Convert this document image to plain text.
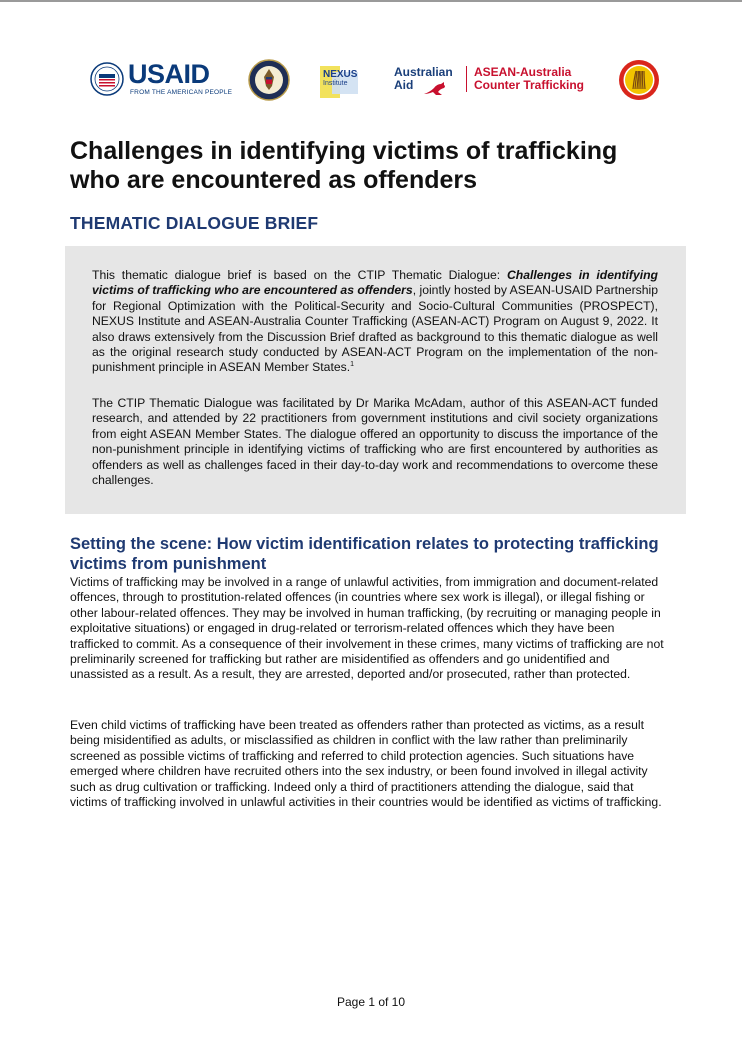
USAID
FROM THE AMERICAN PEOPLE
NEXUS
Institute
Australian
Aid
ASEAN-Australia
Counter Trafficking
Challenges in identifying victims of trafficking
who are encountered as offenders
THEMATIC DIALOGUE BRIEF

This thematic dialogue brief is based on the CTIP Thematic Dialogue: Challenges in identifying victims of trafficking who are encountered as offenders, jointly hosted by ASEAN-USAID Partnership for Regional Optimization with the Political-Security and Socio-Cultural Communities (PROSPECT), NEXUS Institute and ASEAN-Australia Counter Trafficking (ASEAN-ACT) Program on August 9, 2022. It also draws extensively from the Discussion Brief drafted as background to this thematic dialogue as well as the original research study conducted by ASEAN-ACT Program on the implementation of the non-punishment principle in ASEAN Member States.$^1$

The CTIP Thematic Dialogue was facilitated by Dr Marika McAdam, author of this ASEAN-ACT funded research, and attended by 22 practitioners from government institutions and civil society organizations from eight ASEAN Member States. The dialogue offered an opportunity to discuss the importance of the non-punishment principle in identifying victims of trafficking who are first encountered by authorities as offenders as well as challenges faced in their day-to-day work and recommendations to overcome these challenges.

Setting the scene: How victim identification relates to protecting trafficking victims from punishment

Victims of trafficking may be involved in a range of unlawful activities, from immigration and document-related offences, through to prostitution-related offences (in countries where sex work is illegal), or illegal fishing or other labour-related offences. They may be involved in human trafficking, (by recruiting or managing people in exploitative situations) or engaged in drug-related or terrorism-related offences which they have been trafficked to commit. As a consequence of their involvement in these crimes, many victims of trafficking are not preliminarily screened for trafficking but rather are misidentified as offenders and go unidentified and unassisted as a result. As a result, they are arrested, deported and/or prosecuted, rather than protected.

Even child victims of trafficking have been treated as offenders rather than protected as victims, as a result being misidentified as adults, or misclassified as children in conflict with the law rather than preliminarily screened as possible victims of trafficking and referred to child protection agencies. Such situations have emerged where children have recruited others into the sex industry, or been found involved in illegal activity such as drug cultivation or trafficking. Indeed only a third of practitioners attending the dialogue, said that victims of trafficking involved in unlawful activities in their countries would be identified as victims of trafficking.

Page 1 of 10
